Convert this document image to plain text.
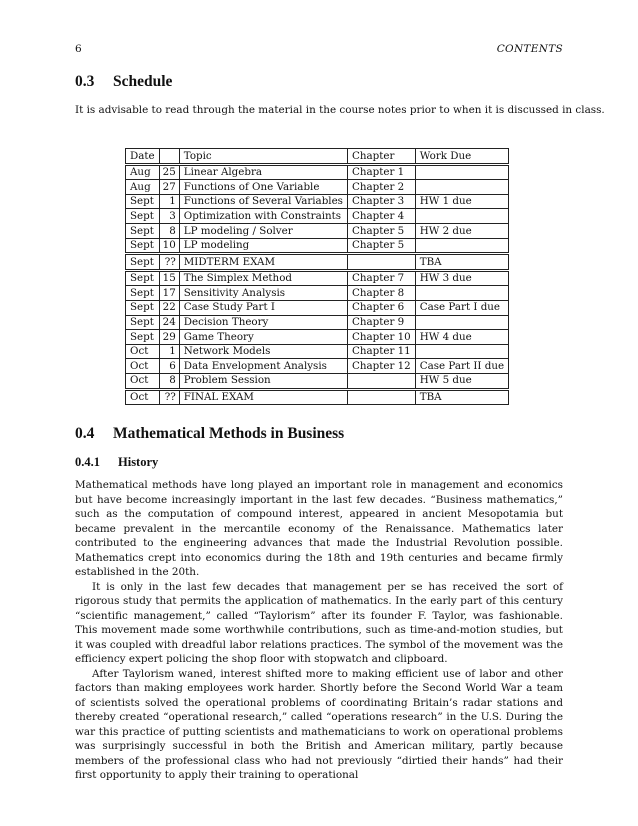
6	CONTENTS
0.3 Schedule
It is advisable to read through the material in the course notes prior to when it is discussed in class.
Date		Topic	Chapter	Work Due
Aug	25	Linear Algebra	Chapter 1	
Aug	27	Functions of One Variable	Chapter 2	
Sept	1	Functions of Several Variables	Chapter 3	HW 1 due
Sept	3	Optimization with Constraints	Chapter 4	
Sept	8	LP modeling / Solver	Chapter 5	HW 2 due
Sept	10	LP modeling	Chapter 5	
Sept	??	MIDTERM EXAM		TBA
Sept	15	The Simplex Method	Chapter 7	HW 3 due
Sept	17	Sensitivity Analysis	Chapter 8	
Sept	22	Case Study Part I	Chapter 6	Case Part I due
Sept	24	Decision Theory	Chapter 9	
Sept	29	Game Theory	Chapter 10	HW 4 due
Oct	1	Network Models	Chapter 11	
Oct	6	Data Envelopment Analysis	Chapter 12	Case Part II due
Oct	8	Problem Session		HW 5 due
Oct	??	FINAL EXAM		TBA
0.4 Mathematical Methods in Business
0.4.1 History

Mathematical methods have long played an important role in management and economics but have become increasingly important in the last few decades. “Business mathematics,” such as the computation of compound interest, appeared in ancient Mesopotamia but became prevalent in the mercantile economy of the Renaissance. Mathematics later contributed to the engineering advances that made the Industrial Revolution possible. Mathematics crept into economics during the 18th and 19th centuries and became firmly established in the 20th.

It is only in the last few decades that management per se has received the sort of rigorous study that permits the application of mathematics. In the early part of this century “scientific management,” called “Taylorism” after its founder F. Taylor, was fashionable. This movement made some worthwhile contributions, such as time-and-motion studies, but it was coupled with dreadful labor relations practices. The symbol of the movement was the efficiency expert policing the shop floor with stopwatch and clipboard.

After Taylorism waned, interest shifted more to making efficient use of labor and other factors than making employees work harder. Shortly before the Second World War a team of scientists solved the operational problems of coordinating Britain’s radar stations and thereby created “operational research,” called “operations research” in the U.S. During the war this practice of putting scientists and mathematicians to work on operational problems was surprisingly successful in both the British and American military, partly because members of the professional class who had not previously “dirtied their hands” had their first opportunity to apply their training to operational
